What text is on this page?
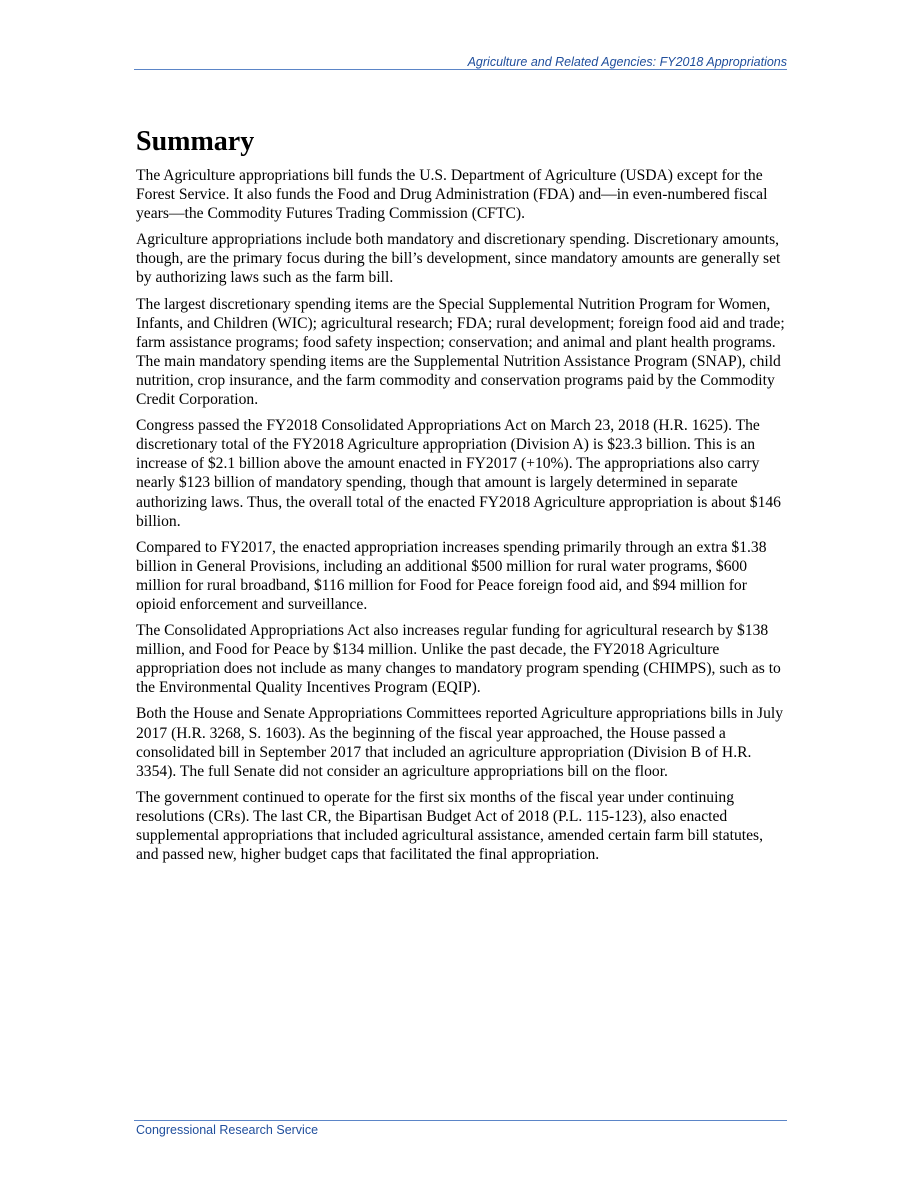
Agriculture and Related Agencies: FY2018 Appropriations
Summary

The Agriculture appropriations bill funds the U.S. Department of Agriculture (USDA) except for the Forest Service. It also funds the Food and Drug Administration (FDA) and—in even-numbered fiscal years—the Commodity Futures Trading Commission (CFTC).

Agriculture appropriations include both mandatory and discretionary spending. Discretionary amounts, though, are the primary focus during the bill’s development, since mandatory amounts are generally set by authorizing laws such as the farm bill.

The largest discretionary spending items are the Special Supplemental Nutrition Program for Women, Infants, and Children (WIC); agricultural research; FDA; rural development; foreign food aid and trade; farm assistance programs; food safety inspection; conservation; and animal and plant health programs. The main mandatory spending items are the Supplemental Nutrition Assistance Program (SNAP), child nutrition, crop insurance, and the farm commodity and conservation programs paid by the Commodity Credit Corporation.

Congress passed the FY2018 Consolidated Appropriations Act on March 23, 2018 (H.R. 1625). The discretionary total of the FY2018 Agriculture appropriation (Division A) is $23.3 billion. This is an increase of $2.1 billion above the amount enacted in FY2017 (+10%). The appropriations also carry nearly $123 billion of mandatory spending, though that amount is largely determined in separate authorizing laws. Thus, the overall total of the enacted FY2018 Agriculture appropriation is about $146 billion.

Compared to FY2017, the enacted appropriation increases spending primarily through an extra $1.38 billion in General Provisions, including an additional $500 million for rural water programs, $600 million for rural broadband, $116 million for Food for Peace foreign food aid, and $94 million for opioid enforcement and surveillance.

The Consolidated Appropriations Act also increases regular funding for agricultural research by $138 million, and Food for Peace by $134 million. Unlike the past decade, the FY2018 Agriculture appropriation does not include as many changes to mandatory program spending (CHIMPS), such as to the Environmental Quality Incentives Program (EQIP).

Both the House and Senate Appropriations Committees reported Agriculture appropriations bills in July 2017 (H.R. 3268, S. 1603). As the beginning of the fiscal year approached, the House passed a consolidated bill in September 2017 that included an agriculture appropriation (Division B of H.R. 3354). The full Senate did not consider an agriculture appropriations bill on the floor.

The government continued to operate for the first six months of the fiscal year under continuing resolutions (CRs). The last CR, the Bipartisan Budget Act of 2018 (P.L. 115-123), also enacted supplemental appropriations that included agricultural assistance, amended certain farm bill statutes, and passed new, higher budget caps that facilitated the final appropriation.

Congressional Research Service
